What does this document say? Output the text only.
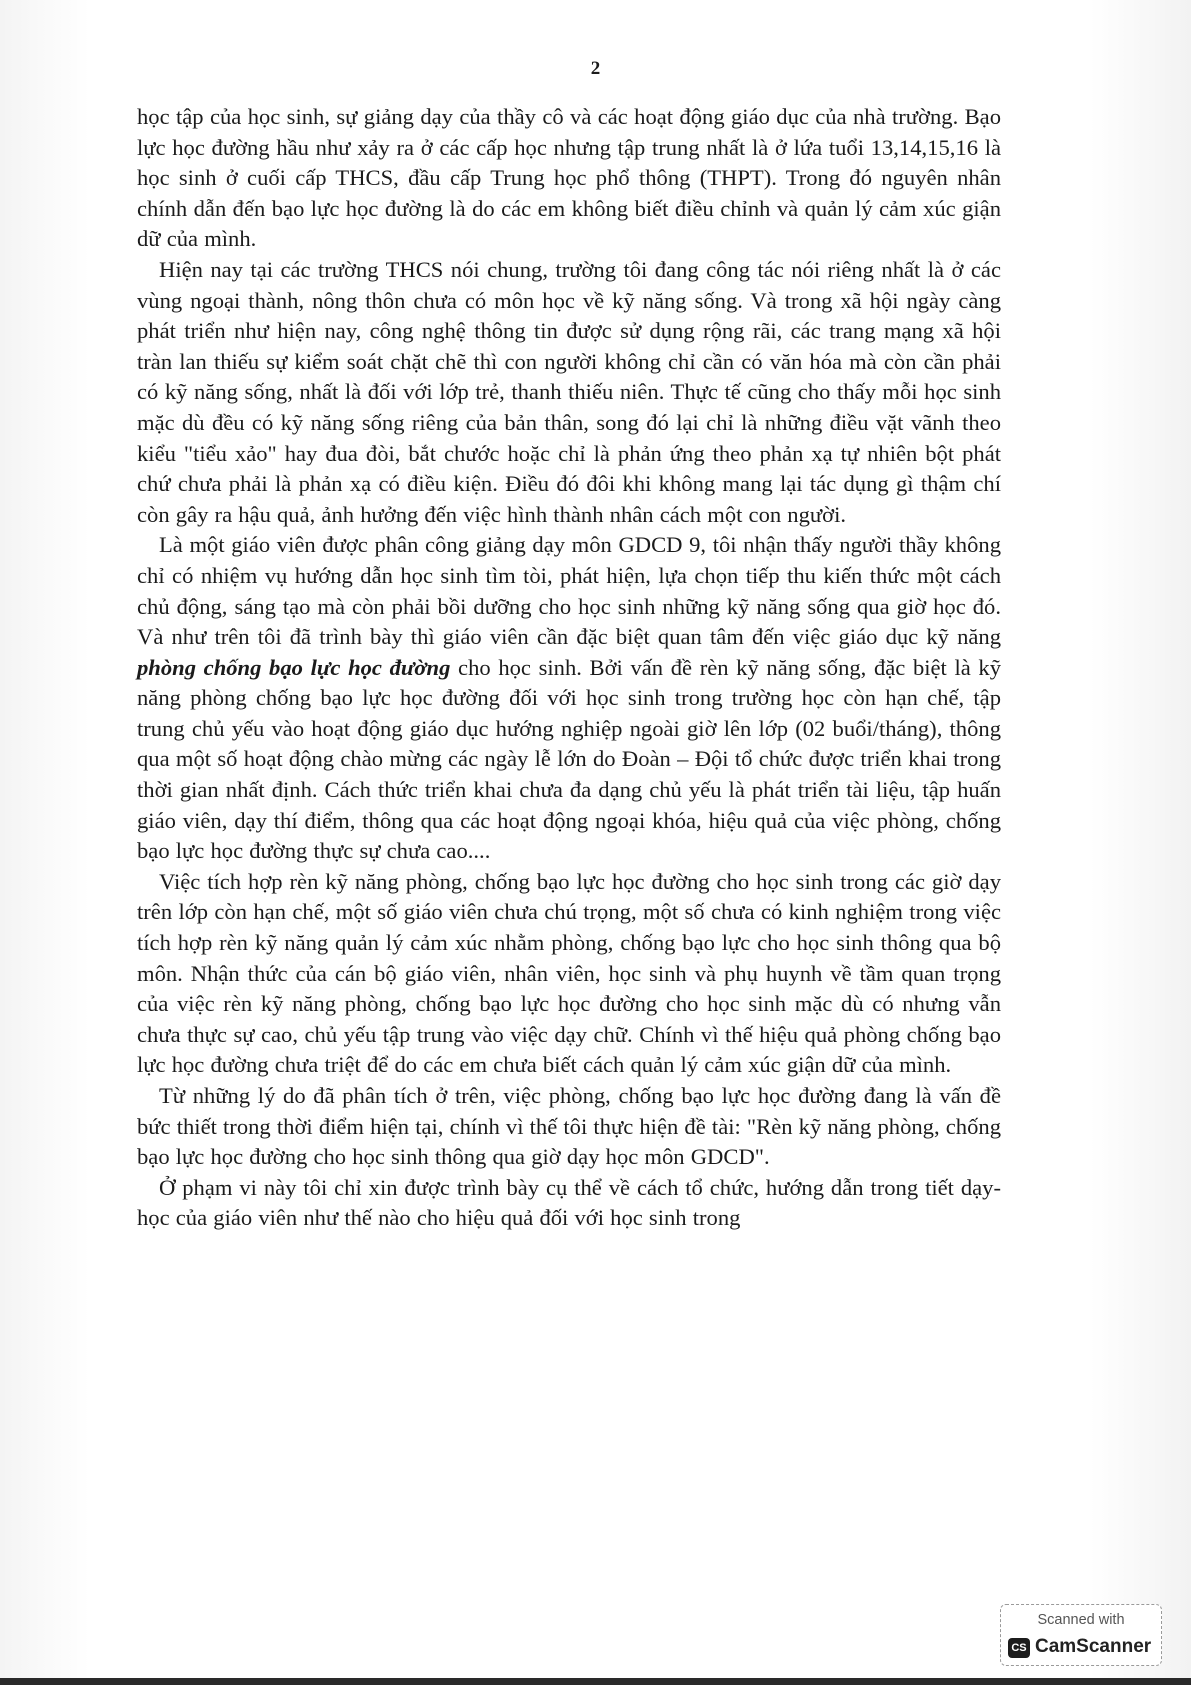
2

học tập của học sinh, sự giảng dạy của thầy cô và các hoạt động giáo dục của nhà trường. Bạo lực học đường hầu như xảy ra ở các cấp học nhưng tập trung nhất là ở lứa tuổi 13,14,15,16 là học sinh ở cuối cấp THCS, đầu cấp Trung học phổ thông (THPT). Trong đó nguyên nhân chính dẫn đến bạo lực học đường là do các em không biết điều chỉnh và quản lý cảm xúc giận dữ của mình.

Hiện nay tại các trường THCS nói chung, trường tôi đang công tác nói riêng nhất là ở các vùng ngoại thành, nông thôn chưa có môn học về kỹ năng sống. Và trong xã hội ngày càng phát triển như hiện nay, công nghệ thông tin được sử dụng rộng rãi, các trang mạng xã hội tràn lan thiếu sự kiểm soát chặt chẽ thì con người không chỉ cần có văn hóa mà còn cần phải có kỹ năng sống, nhất là đối với lớp trẻ, thanh thiếu niên. Thực tế cũng cho thấy mỗi học sinh mặc dù đều có kỹ năng sống riêng của bản thân, song đó lại chỉ là những điều vặt vãnh theo kiểu "tiểu xảo" hay đua đòi, bắt chước hoặc chỉ là phản ứng theo phản xạ tự nhiên bột phát chứ chưa phải là phản xạ có điều kiện. Điều đó đôi khi không mang lại tác dụng gì thậm chí còn gây ra hậu quả, ảnh hưởng đến việc hình thành nhân cách một con người.

Là một giáo viên được phân công giảng dạy môn GDCD 9, tôi nhận thấy người thầy không chỉ có nhiệm vụ hướng dẫn học sinh tìm tòi, phát hiện, lựa chọn tiếp thu kiến thức một cách chủ động, sáng tạo mà còn phải bồi dưỡng cho học sinh những kỹ năng sống qua giờ học đó. Và như trên tôi đã trình bày thì giáo viên cần đặc biệt quan tâm đến việc giáo dục kỹ năng phòng chống bạo lực học đường cho học sinh. Bởi vấn đề rèn kỹ năng sống, đặc biệt là kỹ năng phòng chống bạo lực học đường đối với học sinh trong trường học còn hạn chế, tập trung chủ yếu vào hoạt động giáo dục hướng nghiệp ngoài giờ lên lớp (02 buổi/tháng), thông qua một số hoạt động chào mừng các ngày lễ lớn do Đoàn – Đội tổ chức được triển khai trong thời gian nhất định. Cách thức triển khai chưa đa dạng chủ yếu là phát triển tài liệu, tập huấn giáo viên, dạy thí điểm, thông qua các hoạt động ngoại khóa, hiệu quả của việc phòng, chống bạo lực học đường thực sự chưa cao....

Việc tích hợp rèn kỹ năng phòng, chống bạo lực học đường cho học sinh trong các giờ dạy trên lớp còn hạn chế, một số giáo viên chưa chú trọng, một số chưa có kinh nghiệm trong việc tích hợp rèn kỹ năng quản lý cảm xúc nhằm phòng, chống bạo lực cho học sinh thông qua bộ môn. Nhận thức của cán bộ giáo viên, nhân viên, học sinh và phụ huynh về tầm quan trọng của việc rèn kỹ năng phòng, chống bạo lực học đường cho học sinh mặc dù có nhưng vẫn chưa thực sự cao, chủ yếu tập trung vào việc dạy chữ. Chính vì thế hiệu quả phòng chống bạo lực học đường chưa triệt để do các em chưa biết cách quản lý cảm xúc giận dữ của mình.

Từ những lý do đã phân tích ở trên, việc phòng, chống bạo lực học đường đang là vấn đề bức thiết trong thời điểm hiện tại, chính vì thế tôi thực hiện đề tài: "Rèn kỹ năng phòng, chống bạo lực học đường cho học sinh thông qua giờ dạy học môn GDCD".

Ở phạm vi này tôi chỉ xin được trình bày cụ thể về cách tổ chức, hướng dẫn trong tiết dạy-học của giáo viên như thế nào cho hiệu quả đối với học sinh trong

Scanned with
CS CamScanner
